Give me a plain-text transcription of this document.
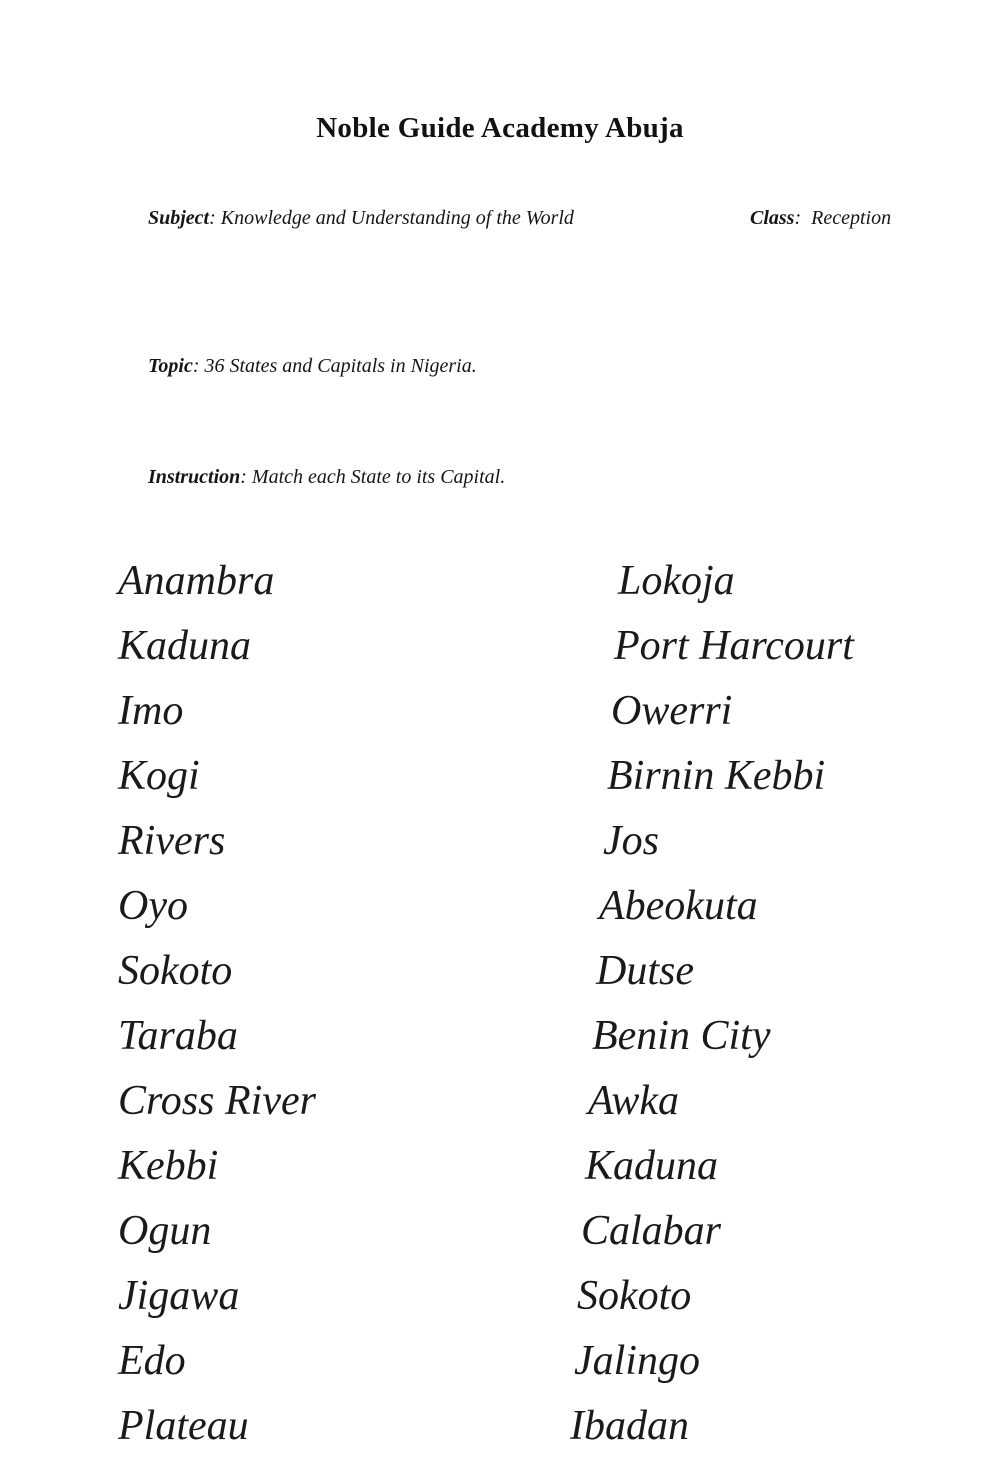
Noble Guide Academy Abuja

Subject: Knowledge and Understanding of the World
	Class:  Reception

Topic: 36 States and Capitals in Nigeria.

Instruction: Match each State to its Capital.

Anambra	Lokoja
Kaduna	Port Harcourt
Imo	Owerri
Kogi	Birnin Kebbi
Rivers	Jos
Oyo	Abeokuta
Sokoto	Dutse
Taraba	Benin City
Cross River	Awka
Kebbi	Kaduna
Ogun	Calabar
Jigawa	Sokoto
Edo	Jalingo
Plateau	Ibadan
